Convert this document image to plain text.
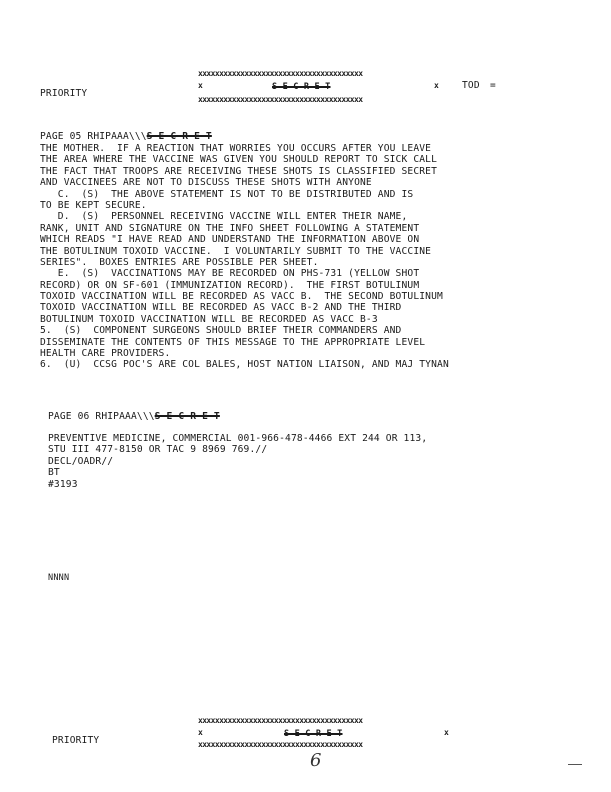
PRIORITY
xxxxxxxxxxxxxxxxxxxxxxxxxxxxxxxxxxxxxxx
x	S E C R E T	x
xxxxxxxxxxxxxxxxxxxxxxxxxxxxxxxxxxxxxxx
TOD =
PAGE 05 RHIPAAA\\\S E C R E T
THE MOTHER.  IF A REACTION THAT WORRIES YOU OCCURS AFTER YOU LEAVE
THE AREA WHERE THE VACCINE WAS GIVEN YOU SHOULD REPORT TO SICK CALL
THE FACT THAT TROOPS ARE RECEIVING THESE SHOTS IS CLASSIFIED SECRET
AND VACCINEES ARE NOT TO DISCUSS THESE SHOTS WITH ANYONE
C.  (S)  THE ABOVE STATEMENT IS NOT TO BE DISTRIBUTED AND IS
TO BE KEPT SECURE.
D.  (S)  PERSONNEL RECEIVING VACCINE WILL ENTER THEIR NAME,
RANK, UNIT AND SIGNATURE ON THE INFO SHEET FOLLOWING A STATEMENT
WHICH READS "I HAVE READ AND UNDERSTAND THE INFORMATION ABOVE ON
THE BOTULINUM TOXOID VACCINE.  I VOLUNTARILY SUBMIT TO THE VACCINE
SERIES".  BOXES ENTRIES ARE POSSIBLE PER SHEET.
E.  (S)  VACCINATIONS MAY BE RECORDED ON PHS-731 (YELLOW SHOT
RECORD) OR ON SF-601 (IMMUNIZATION RECORD).  THE FIRST BOTULINUM
TOXOID VACCINATION WILL BE RECORDED AS VACC B.  THE SECOND BOTULINUM
TOXOID VACCINATION WILL BE RECORDED AS VACC B-2 AND THE THIRD
BOTULINUM TOXOID VACCINATION WILL BE RECORDED AS VACC B-3
5.  (S)  COMPONENT SURGEONS SHOULD BRIEF THEIR COMMANDERS AND
DISSEMINATE THE CONTENTS OF THIS MESSAGE TO THE APPROPRIATE LEVEL
HEALTH CARE PROVIDERS.
6.  (U)  CCSG POC'S ARE COL BALES, HOST NATION LIAISON, AND MAJ TYNAN
PAGE 06 RHIPAAA\\\S E C R E T
PREVENTIVE MEDICINE, COMMERCIAL 001-966-478-4466 EXT 244 OR 113,
STU III 477-8150 OR TAC 9 8969 769.//
DECL/OADR//
BT
#3193
NNNN
xxxxxxxxxxxxxxxxxxxxxxxxxxxxxxxxxxxxxxx
x	S E C R E T	x
xxxxxxxxxxxxxxxxxxxxxxxxxxxxxxxxxxxxxxx
PRIORITY
6
